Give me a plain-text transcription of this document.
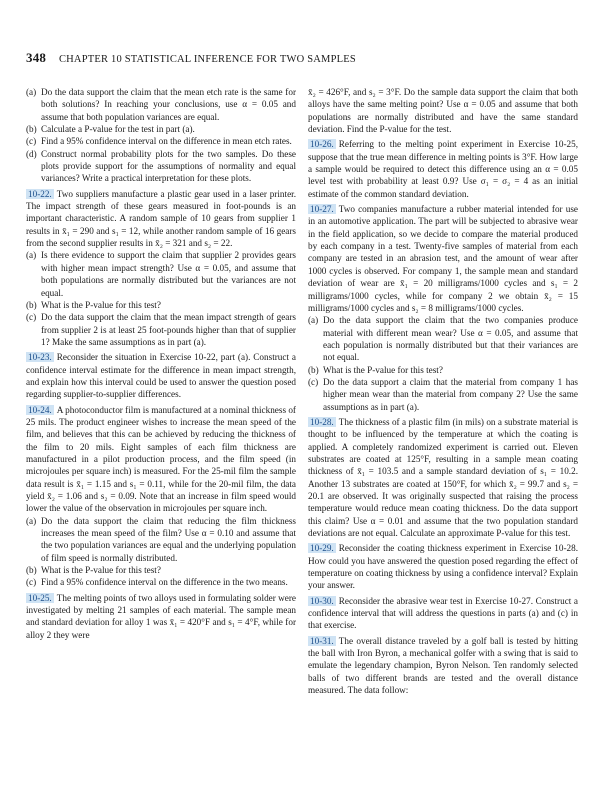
348 CHAPTER 10 STATISTICAL INFERENCE FOR TWO SAMPLES
(a) Do the data support the claim that the mean etch rate is the same for both solutions? In reaching your conclusions, use α = 0.05 and assume that both population variances are equal.
(b) Calculate a P-value for the test in part (a).
(c) Find a 95% confidence interval on the difference in mean etch rates.
(d) Construct normal probability plots for the two samples. Do these plots provide support for the assumptions of normality and equal variances? Write a practical interpretation for these plots.

10-22. Two suppliers manufacture a plastic gear used in a laser printer. The impact strength of these gears measured in foot-pounds is an important characteristic. A random sample of 10 gears from supplier 1 results in x̄₁ = 290 and s₁ = 12, while another random sample of 16 gears from the second supplier results in x̄₂ = 321 and s₂ = 22.

(a) Is there evidence to support the claim that supplier 2 provides gears with higher mean impact strength? Use α = 0.05, and assume that both populations are normally distributed but the variances are not equal.
(b) What is the P-value for this test?
(c) Do the data support the claim that the mean impact strength of gears from supplier 2 is at least 25 foot-pounds higher than that of supplier 1? Make the same assumptions as in part (a).

10-23. Reconsider the situation in Exercise 10-22, part (a). Construct a confidence interval estimate for the difference in mean impact strength, and explain how this interval could be used to answer the question posed regarding supplier-to-supplier differences.

10-24. A photoconductor film is manufactured at a nominal thickness of 25 mils. The product engineer wishes to increase the mean speed of the film, and believes that this can be achieved by reducing the thickness of the film to 20 mils. Eight samples of each film thickness are manufactured in a pilot production process, and the film speed (in microjoules per square inch) is measured. For the 25-mil film the sample data result is x̄₁ = 1.15 and s₁ = 0.11, while for the 20-mil film, the data yield x̄₂ = 1.06 and s₂ = 0.09. Note that an increase in film speed would lower the value of the observation in microjoules per square inch.

(a) Do the data support the claim that reducing the film thickness increases the mean speed of the film? Use α = 0.10 and assume that the two population variances are equal and the underlying population of film speed is normally distributed.
(b) What is the P-value for this test?
(c) Find a 95% confidence interval on the difference in the two means.

10-25. The melting points of two alloys used in formulating solder were investigated by melting 21 samples of each material. The sample mean and standard deviation for alloy 1 was x̄₁ = 420°F and s₁ = 4°F, while for alloy 2 they were

x̄₂ = 426°F, and s₂ = 3°F. Do the sample data support the claim that both alloys have the same melting point? Use α = 0.05 and assume that both populations are normally distributed and have the same standard deviation. Find the P-value for the test.

10-26. Referring to the melting point experiment in Exercise 10-25, suppose that the true mean difference in melting points is 3°F. How large a sample would be required to detect this difference using an α = 0.05 level test with probability at least 0.9? Use σ₁ = σ₂ = 4 as an initial estimate of the common standard deviation.

10-27. Two companies manufacture a rubber material intended for use in an automotive application. The part will be subjected to abrasive wear in the field application, so we decide to compare the material produced by each company in a test. Twenty-five samples of material from each company are tested in an abrasion test, and the amount of wear after 1000 cycles is observed. For company 1, the sample mean and standard deviation of wear are x̄₁ = 20 milligrams/1000 cycles and s₁ = 2 milligrams/1000 cycles, while for company 2 we obtain x̄₂ = 15 milligrams/1000 cycles and s₂ = 8 milligrams/1000 cycles.

(a) Do the data support the claim that the two companies produce material with different mean wear? Use α = 0.05, and assume that each population is normally distributed but that their variances are not equal.
(b) What is the P-value for this test?
(c) Do the data support a claim that the material from company 1 has higher mean wear than the material from company 2? Use the same assumptions as in part (a).

10-28. The thickness of a plastic film (in mils) on a substrate material is thought to be influenced by the temperature at which the coating is applied. A completely randomized experiment is carried out. Eleven substrates are coated at 125°F, resulting in a sample mean coating thickness of x̄₁ = 103.5 and a sample standard deviation of s₁ = 10.2. Another 13 substrates are coated at 150°F, for which x̄₂ = 99.7 and s₂ = 20.1 are observed. It was originally suspected that raising the process temperature would reduce mean coating thickness. Do the data support this claim? Use α = 0.01 and assume that the two population standard deviations are not equal. Calculate an approximate P-value for this test.

10-29. Reconsider the coating thickness experiment in Exercise 10-28. How could you have answered the question posed regarding the effect of temperature on coating thickness by using a confidence interval? Explain your answer.

10-30. Reconsider the abrasive wear test in Exercise 10-27. Construct a confidence interval that will address the questions in parts (a) and (c) in that exercise.

10-31. The overall distance traveled by a golf ball is tested by hitting the ball with Iron Byron, a mechanical golfer with a swing that is said to emulate the legendary champion, Byron Nelson. Ten randomly selected balls of two different brands are tested and the overall distance measured. The data follow:
